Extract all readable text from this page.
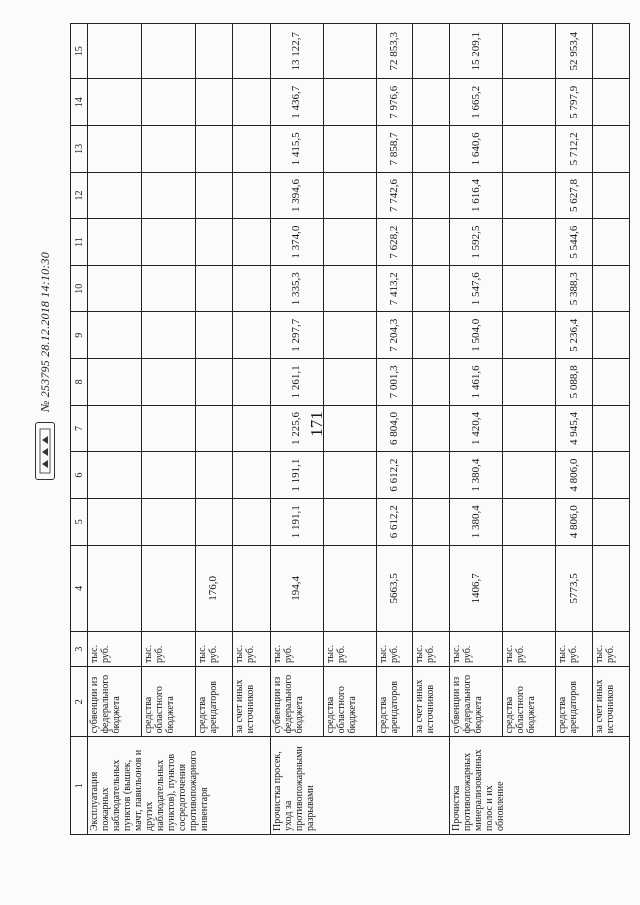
171
№ 253795 28.12.2018 14:10:30
1	2	3	4	5	6	7	8	9	10	11	12	13	14	15
Эксплуатация пожарных наблюдательных пунктов (вышек, мачт, павильонов и других наблюдательных пунктов), пунктов сосредоточения противопожарного инвентаря	субвенции из федерального бюджета	тыс. руб.												
	средства областного бюджета	тыс. руб.												
	средства арендаторов	тыс. руб.	176,0											
	за счет иных источников	тыс. руб.												
Прочистка просек, уход за противопожарными разрывами	субвенции из федерального бюджета	тыс. руб.	194,4	1 191,1	1 191,1	1 225,6	1 261,1	1 297,7	1 335,3	1 374,0	1 394,6	1 415,5	1 436,7	13 122,7
	средства областного бюджета	тыс. руб.												
	средства арендаторов	тыс. руб.	5663,5	6 612,2	6 612,2	6 804,0	7 001,3	7 204,3	7 413,2	7 628,2	7 742,6	7 858,7	7 976,6	72 853,3
	за счет иных источников	тыс. руб.												
Прочистка противопожарных минерализованных полос и их обновление	субвенции из федерального бюджета	тыс. руб.	1406,7	1 380,4	1 380,4	1 420,4	1 461,6	1 504,0	1 547,6	1 592,5	1 616,4	1 640,6	1 665,2	15 209,1
	средства областного бюджета	тыс. руб.												
	средства арендаторов	тыс. руб.	5773,5	4 806,0	4 806,0	4 945,4	5 088,8	5 236,4	5 388,3	5 544,6	5 627,8	5 712,2	5 797,9	52 953,4
	за счет иных источников	тыс. руб.												
